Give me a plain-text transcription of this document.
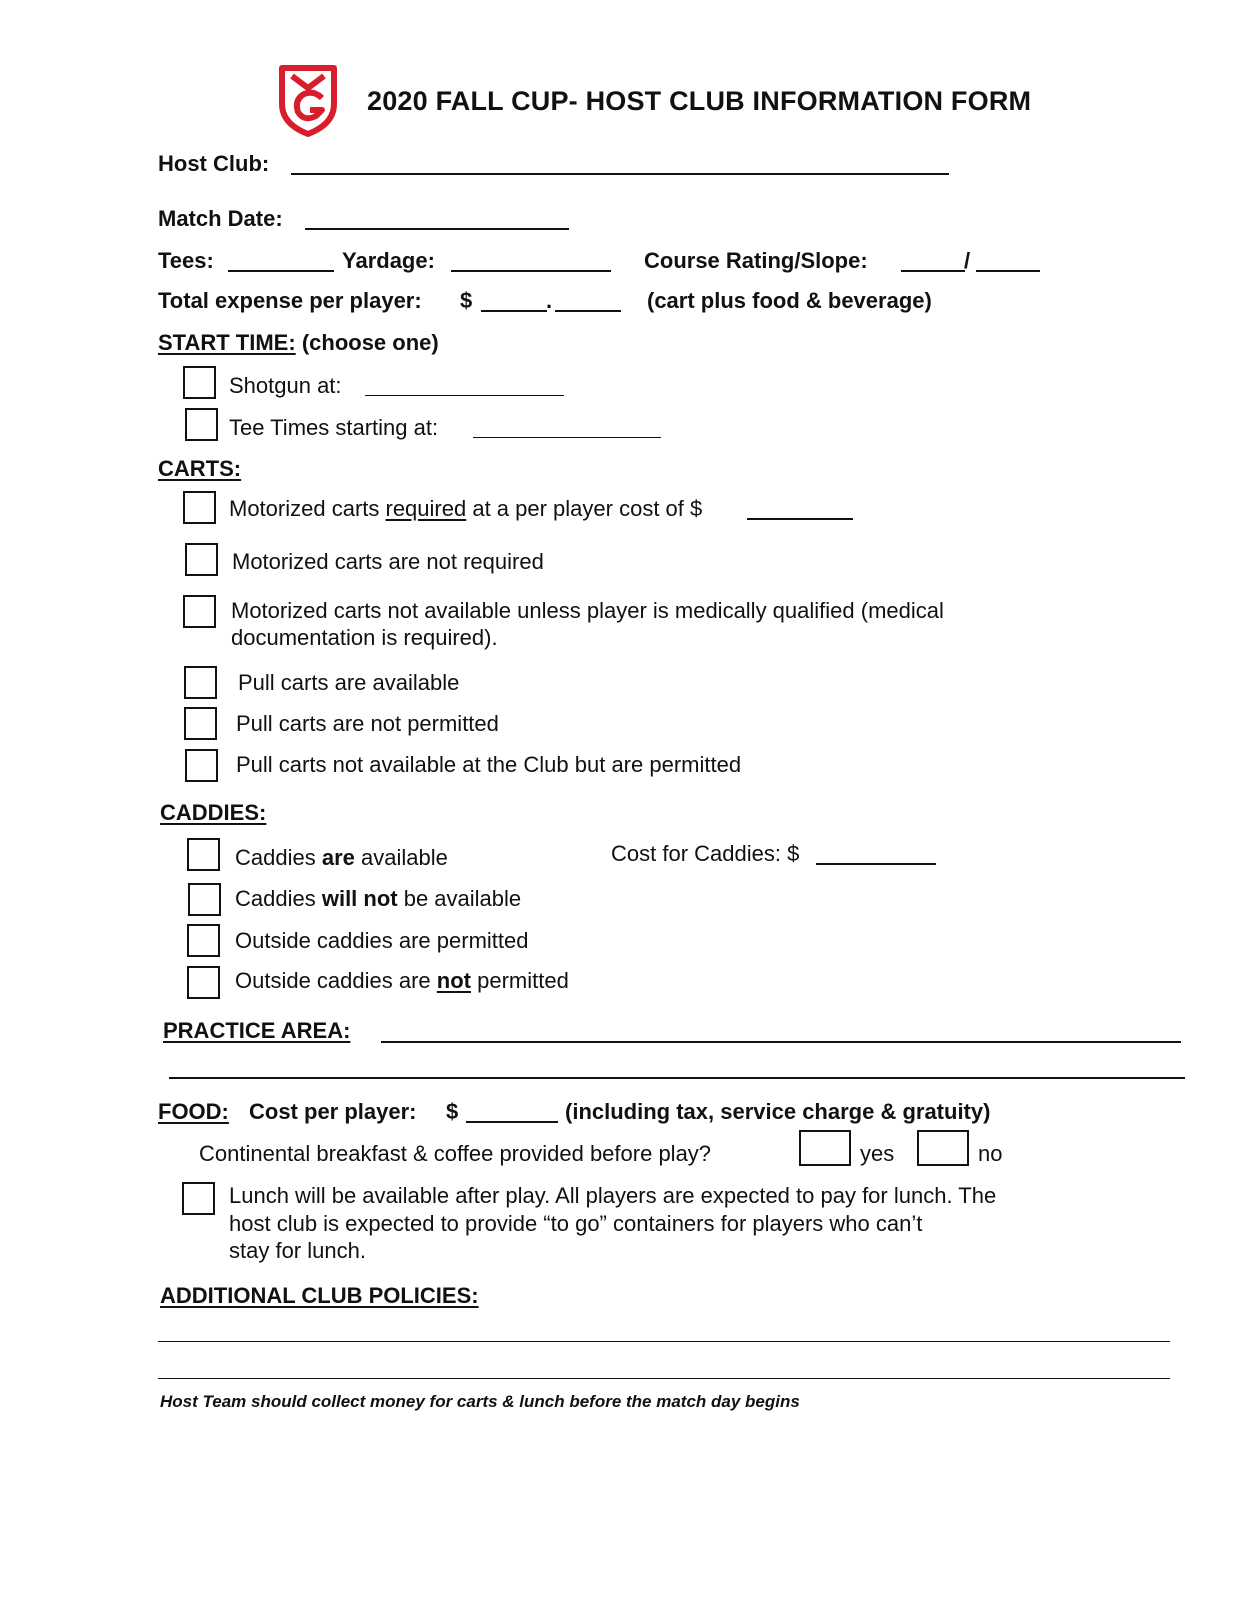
2020 FALL CUP- HOST CLUB INFORMATION FORM
Host Club:
Match Date:
Tees:	Yardage:	Course Rating/Slope:	/
Total expense per player: $	.	(cart plus food & beverage)
START TIME: (choose one)
Shotgun at:
Tee Times starting at:
CARTS:
Motorized carts required at a per player cost of $
Motorized carts are not required
Motorized carts not available unless player is medically qualified (medical
documentation is required).
Pull carts are available
Pull carts are not permitted
Pull carts not available at the Club but are permitted
CADDIES:
Caddies are available	Cost for Caddies: $
Caddies will not be available
Outside caddies are permitted
Outside caddies are not permitted
PRACTICE AREA:
FOOD: Cost per player: $	(including tax, service charge & gratuity)
Continental breakfast & coffee provided before play?	yes	no
Lunch will be available after play. All players are expected to pay for lunch. The
host club is expected to provide “to go” containers for players who can’t
stay for lunch.
ADDITIONAL CLUB POLICIES:
Host Team should collect money for carts & lunch before the match day begins
